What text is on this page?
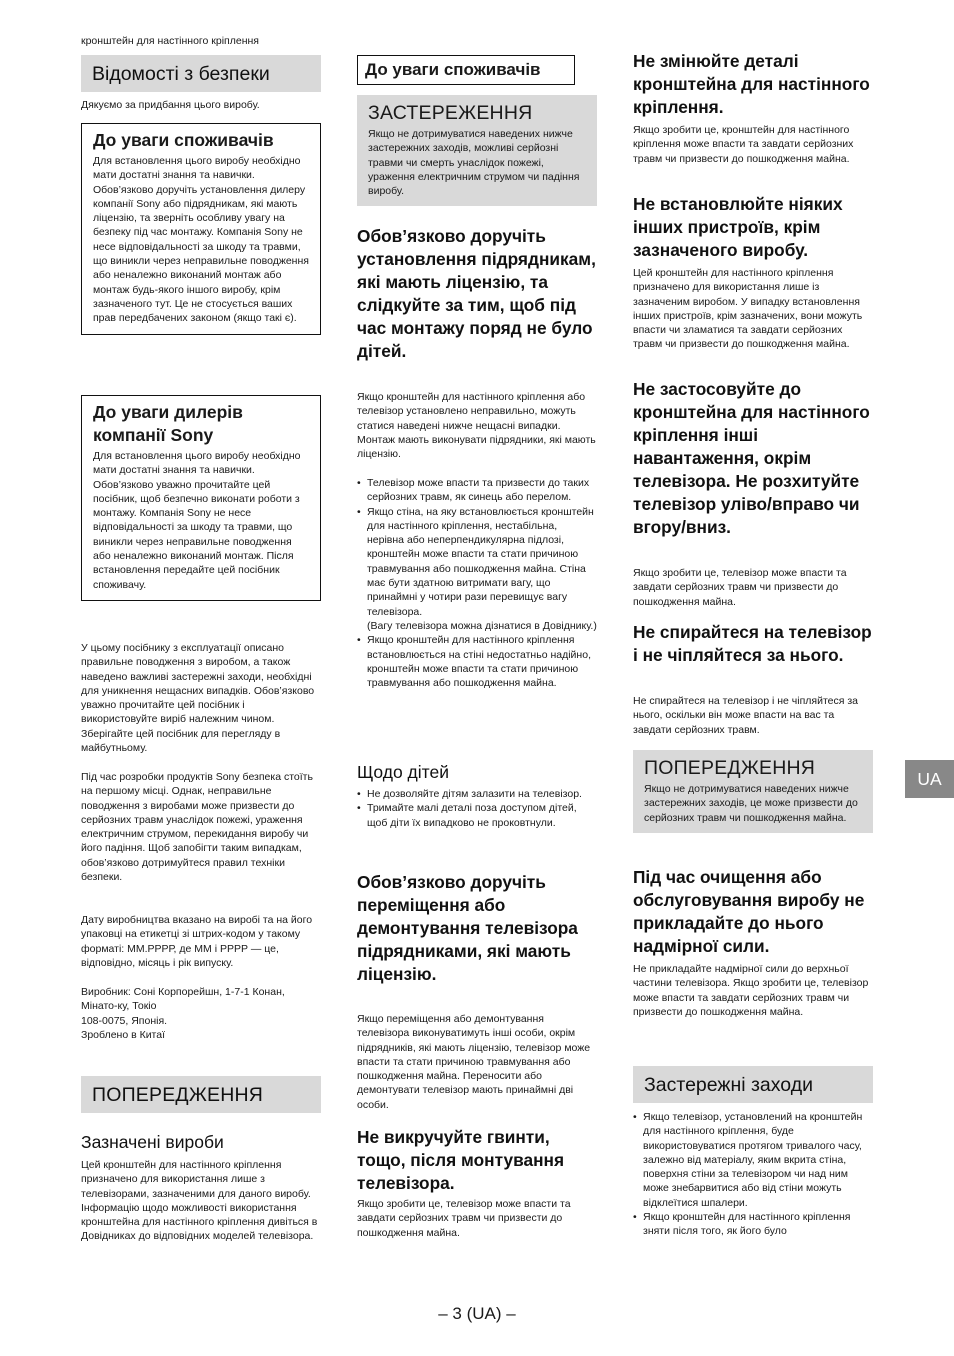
кронштейн для настінного кріплення
Відомості з безпеки
Дякуємо за придбання цього виробу.
До уваги споживачів
Для встановлення цього виробу необхідно мати достатні знання та навички. Обов’язково доручіть установлення дилеру компанії Sony або підрядникам, які мають ліцензію, та зверніть особливу увагу на безпеку під час монтажу. Компанія Sony не несе відповідальності за шкоду та травми, що виникли через неправильне поводження або неналежно виконаний монтаж або монтаж будь-якого іншого виробу, крім зазначеного тут. Це не стосується ваших прав передбачених законом (якщо такі є).
До уваги дилерів компанії Sony
Для встановлення цього виробу необхідно мати достатні знання та навички. Обов’язково уважно прочитайте цей посібник, щоб безпечно виконати роботи з монтажу. Компанія Sony не несе відповідальності за шкоду та травми, що виникли через неправильне поводження або неналежно виконаний монтаж. Після встановлення передайте цей посібник споживачу.
У цьому посібнику з експлуатації описано правильне поводження з виробом, а також наведено важливі застережні заходи, необхідні для уникнення нещасних випадків. Обов’язково уважно прочитайте цей посібник і використовуйте виріб належним чином. Зберігайте цей посібник для перегляду в майбутньому.
Під час розробки продуктів Sony безпека стоїть на першому місці. Однак, неправильне поводження з виробами може призвести до серйозних травм унаслідок пожежі, ураження електричним струмом, перекидання виробу чи його падіння. Щоб запобігти таким випадкам, обов’язково дотримуйтеся правил техніки безпеки.
Дату виробництва вказано на виробі та на його упаковці на етикетці зі штрих-кодом у такому форматі: ММ.РРРР, де ММ і РРРР — це, відповідно, місяць і рік випуску.
Виробник: Соні Корпорейшн, 1-7-1 Конан,
Мінато-ку, Токіо
108-0075, Японія.
Зроблено в Китаї
ПОПЕРЕДЖЕННЯ
Зазначені вироби
Цей кронштейн для настінного кріплення призначено для використання лише з телевізорами, зазначеними для даного виробу. Інформацію щодо можливості використання кронштейна для настінного кріплення дивіться в Довідниках до відповідних моделей телевізора.
До уваги споживачів
ЗАСТЕРЕЖЕННЯ
Якщо не дотримуватися наведених нижче застережних заходів, можливі серйозні травми чи смерть унаслідок пожежі, ураження електричним струмом чи падіння виробу.
Обов’язково доручіть установлення підрядникам, які мають ліцензію, та слідкуйте за тим, щоб під час монтажу поряд не було дітей.
Якщо кронштейн для настінного кріплення або телевізор установлено неправильно, можуть статися наведені нижче нещасні випадки. Монтаж мають виконувати підрядники, які мають ліцензію.
• Телевізор може впасти та призвести до таких серйозних травм, як синець або перелом.
• Якщо стіна, на яку встановлюється кронштейн для настінного кріплення, нестабільна, нерівна або неперпендикулярна підлозі, кронштейн може впасти та стати причиною травмування або пошкодження майна. Стіна має бути здатною витримати вагу, що принаймні у чотири рази перевищує вагу телевізора.
(Вагу телевізора можна дізнатися в Довіднику.)
• Якщо кронштейн для настінного кріплення встановлюється на стіні недостатньо надійно, кронштейн може впасти та стати причиною травмування або пошкодження майна.
Щодо дітей
• Не дозволяйте дітям залазити на телевізор.
• Тримайте малі деталі поза доступом дітей, щоб діти їх випадково не проковтнули.
Обов’язково доручіть переміщення або демонтування телевізора підрядниками, які мають ліцензію.
Якщо переміщення або демонтування телевізора виконуватимуть інші особи, окрім підрядників, які мають ліцензію, телевізор може впасти та стати причиною травмування або пошкодження майна. Переносити або демонтувати телевізор мають принаймні дві особи.
Не викручуйте гвинти, тощо, після монтування телевізора.
Якщо зробити це, телевізор може впасти та завдати серйозних травм чи призвести до пошкодження майна.
Не змінюйте деталі кронштейна для настінного кріплення.
Якщо зробити це, кронштейн для настінного кріплення може впасти та завдати серйозних травм чи призвести до пошкодження майна.
Не встановлюйте ніяких інших пристроїв, крім зазначеного виробу.
Цей кронштейн для настінного кріплення призначено для використання лише із зазначеним виробом. У випадку встановлення інших пристроїв, крім зазначених, вони можуть впасти чи зламатися та завдати серйозних травм чи призвести до пошкодження майна.
Не застосовуйте до кронштейна для настінного кріплення інші навантаження, окрім телевізора. Не розхитуйте телевізор уліво/вправо чи вгору/вниз.
Якщо зробити це, телевізор може впасти та завдати серйозних травм чи призвести до пошкодження майна.
Не спирайтеся на телевізор і не чіпляйтеся за нього.
Не спирайтеся на телевізор і не чіпляйтеся за нього, оскільки він може впасти на вас та завдати серйозних травм.
ПОПЕРЕДЖЕННЯ
Якщо не дотримуватися наведених нижче застережних заходів, це може призвести до серйозних травм чи пошкодження майна.
Під час очищення або обслуговування виробу не прикладайте до нього надмірної сили.
Не прикладайте надмірної сили до верхньої частини телевізора. Якщо зробити це, телевізор може впасти та завдати серйозних травм чи призвести до пошкодження майна.
Застережні заходи
• Якщо телевізор, установлений на кронштейн для настінного кріплення, буде використовуватися протягом тривалого часу, залежно від матеріалу, яким вкрита стіна, поверхня стіни за телевізором чи над ним може знебарвитися або від стіни можуть відклеїтися шпалери.
• Якщо кронштейн для настінного кріплення зняти після того, як його було
UA
– 3 (UA) –
